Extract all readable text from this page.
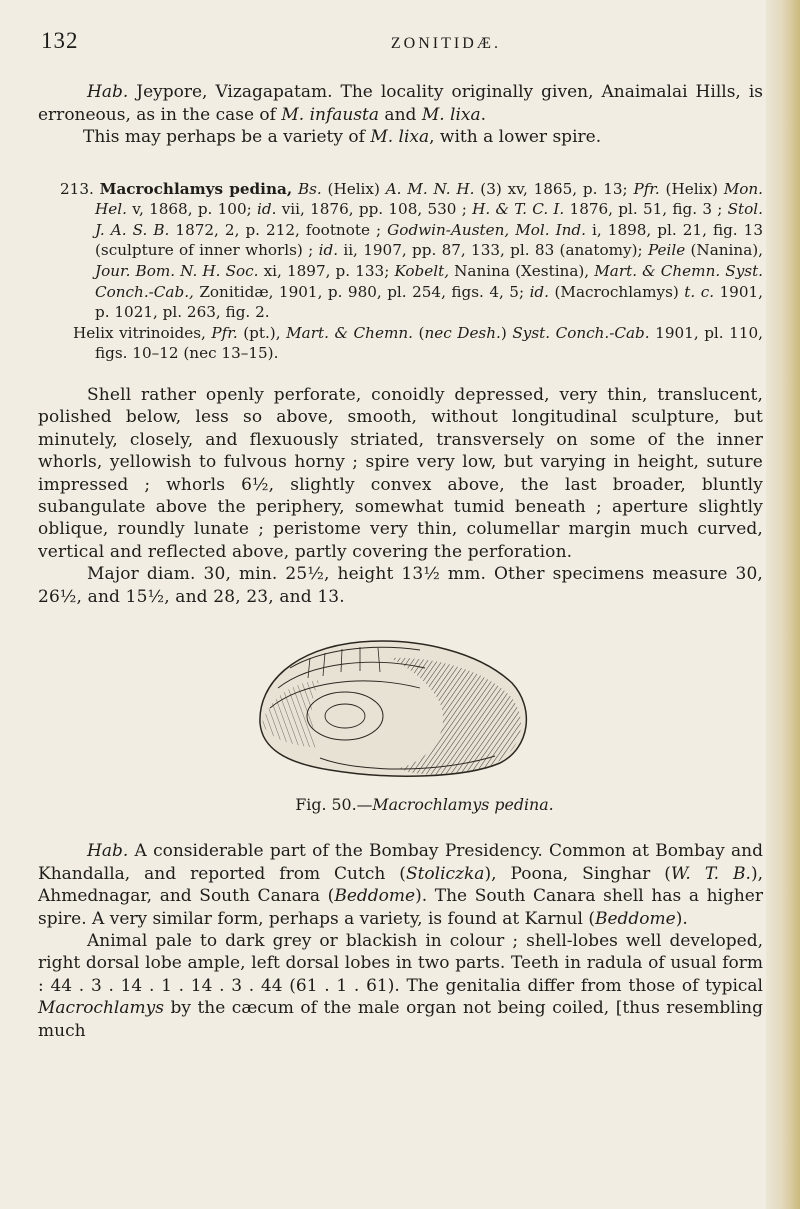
132	ZONITIDÆ.

Hab. Jeypore, Vizagapatam. The locality originally given, Anaimalai Hills, is erroneous, as in the case of M. infausta and M. lixa.

This may perhaps be a variety of M. lixa, with a lower spire.

213. Macrochlamys pedina, Bs. (Helix) A. M. N. H. (3) xv, 1865, p. 13; Pfr. (Helix) Mon. Hel. v, 1868, p. 100; id. vii, 1876, pp. 108, 530 ; H. & T. C. I. 1876, pl. 51, fig. 3 ; Stol. J. A. S. B. 1872, 2, p. 212, footnote ; Godwin-Austen, Mol. Ind. i, 1898, pl. 21, fig. 13 (sculpture of inner whorls) ; id. ii, 1907, pp. 87, 133, pl. 83 (anatomy); Peile (Nanina), Jour. Bom. N. H. Soc. xi, 1897, p. 133; Kobelt, Nanina (Xestina), Mart. & Chemn. Syst. Conch.-Cab., Zonitidæ, 1901, p. 980, pl. 254, figs. 4, 5; id. (Macrochlamys) t. c. 1901, p. 1021, pl. 263, fig. 2.

Helix vitrinoides, Pfr. (pt.), Mart. & Chemn. (nec Desh.) Syst. Conch.-Cab. 1901, pl. 110, figs. 10–12 (nec 13–15).

Shell rather openly perforate, conoidly depressed, very thin, translucent, polished below, less so above, smooth, without longitudinal sculpture, but minutely, closely, and flexuously striated, transversely on some of the inner whorls, yellowish to fulvous horny ; spire very low, but varying in height, suture impressed ; whorls 6½, slightly convex above, the last broader, bluntly subangulate above the periphery, somewhat tumid beneath ; aperture slightly oblique, roundly lunate ; peristome very thin, columellar margin much curved, vertical and reflected above, partly covering the perforation.

Major diam. 30, min. 25½, height 13½ mm. Other specimens measure 30, 26½, and 15½, and 28, 23, and 13.

Fig. 50.—Macrochlamys pedina.

Hab. A considerable part of the Bombay Presidency. Common at Bombay and Khandalla, and reported from Cutch (Stoliczka), Poona, Singhar (W. T. B.), Ahmednagar, and South Canara (Beddome). The South Canara shell has a higher spire. A very similar form, perhaps a variety, is found at Karnul (Beddome).

Animal pale to dark grey or blackish in colour ; shell-lobes well developed, right dorsal lobe ample, left dorsal lobes in two parts. Teeth in radula of usual form : 44 . 3 . 14 . 1 . 14 . 3 . 44 (61 . 1 . 61). The genitalia differ from those of typical Macrochlamys by the cæcum of the male organ not being coiled, [thus resembling much
